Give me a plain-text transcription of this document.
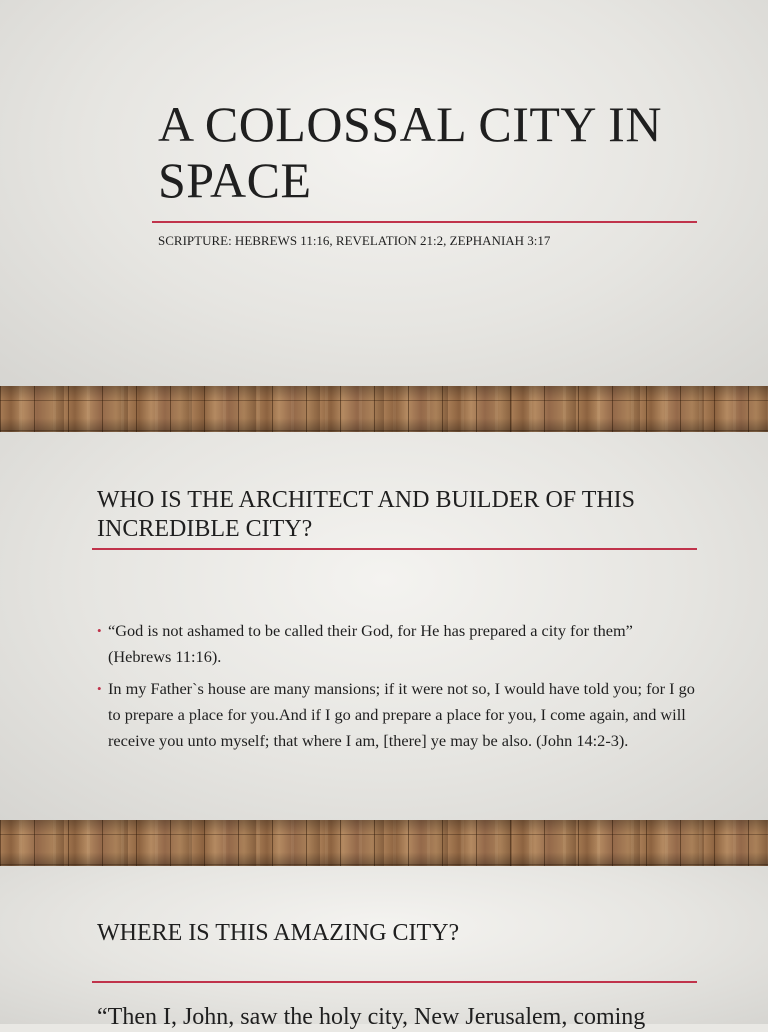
A COLOSSAL CITY IN SPACE
SCRIPTURE: HEBREWS 11:16, REVELATION 21:2, ZEPHANIAH 3:17
WHO IS THE ARCHITECT AND BUILDER OF THIS INCREDIBLE CITY?
• “God is not ashamed to be called their God, for He has prepared a city for them” (Hebrews 11:16).
• In my Father`s house are many mansions; if it were not so, I would have told you; for I go to prepare a place for you.And if I go and prepare a place for you, I come again, and will receive you unto myself; that where I am, [there] ye may be also. (John 14:2-3).
WHERE IS THIS AMAZING CITY?
“Then I, John, saw the holy city, New Jerusalem, coming
